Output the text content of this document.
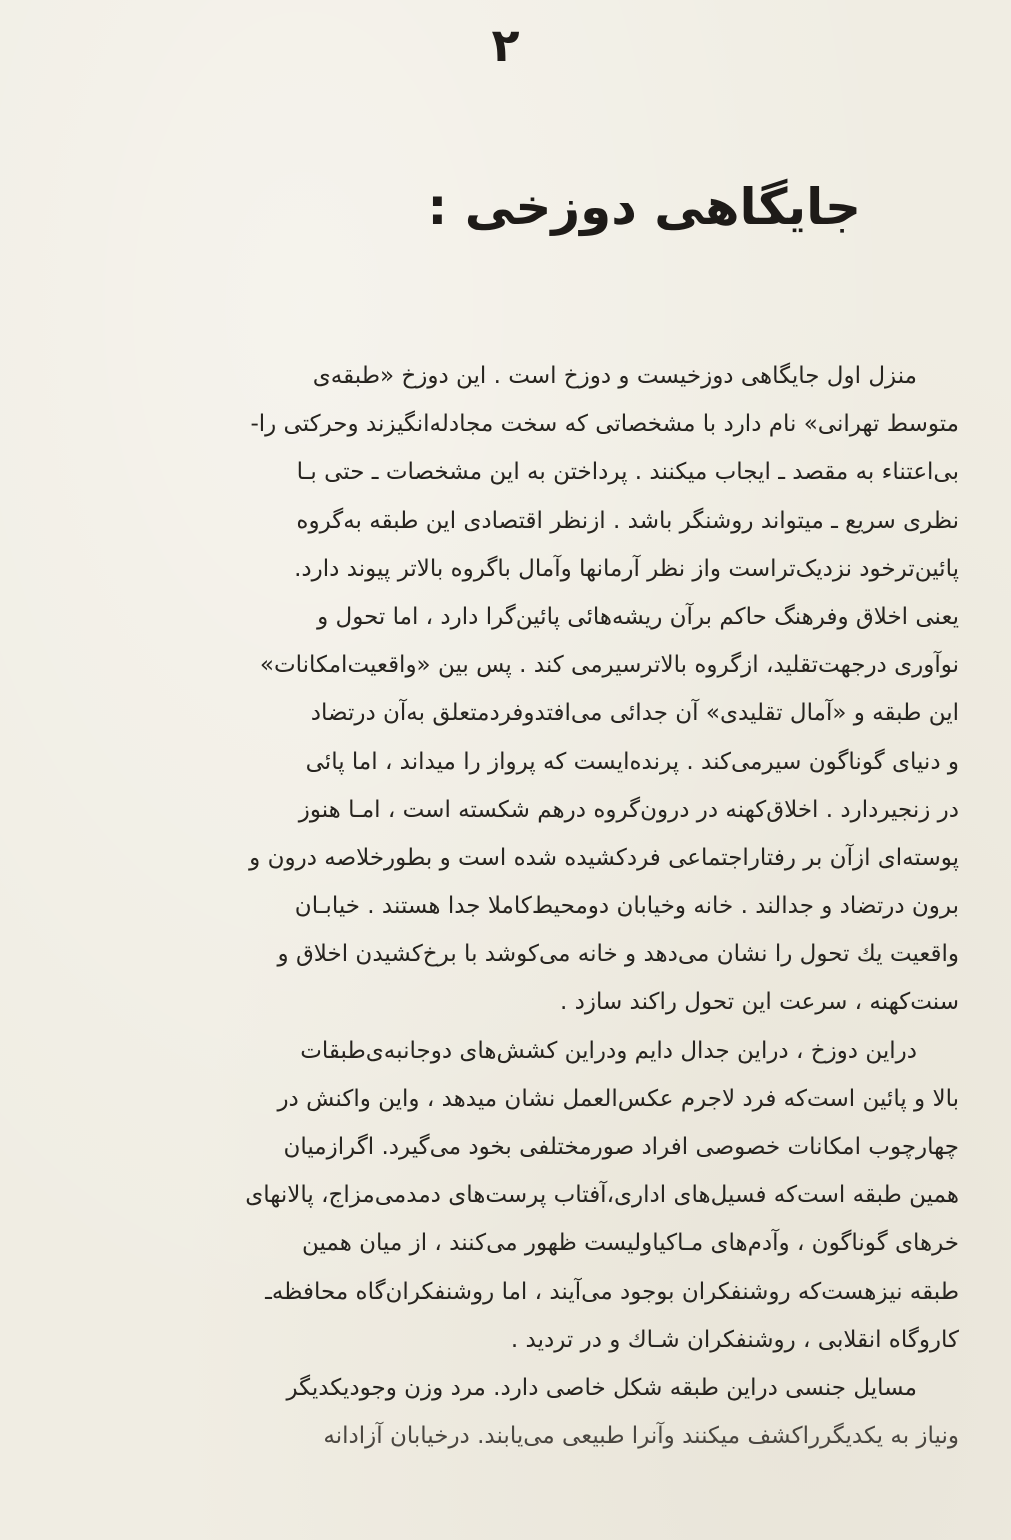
۲
جایگاهی دوزخی :
منزل اول جایگاهی دوزخیست و دوزخ است . این دوزخ «طبقه‌ی
متوسط تهرانی» نام دارد با مشخصاتی که سخت مجادله‌انگیزند وحرکتی را-
بی‌اعتناء به مقصد ـ ایجاب میکنند . پرداختن به این مشخصات ـ حتی بـا
نظری سریع ـ میتواند روشنگر باشد . ازنظر اقتصادی این طبقه به‌گروه
پائین‌ترخود نزدیک‌تراست واز نظر آرمانها وآمال باگروه بالاتر پیوند دارد.
یعنی اخلاق وفرهنگ حاکم برآن ریشه‌هائی پائین‌گرا دارد ، اما تحول و
نوآوری درجهت‌تقلید، ازگروه بالاترسیرمی کند . پس بین «واقعیت‌امکانات»
این طبقه و «آمال تقلیدی» آن جدائی می‌افتدوفردمتعلق به‌آن درتضاد
و دنیای گوناگون سیرمی‌کند . پرنده‌ایست که پرواز را میداند ، اما پائی
در زنجیردارد . اخلاق‌کهنه در درون‌گروه درهم شکسته است ، امـا هنوز
پوسته‌ای ازآن بر رفتاراجتماعی فردکشیده شده است و بطورخلاصه درون و
برون درتضاد و جدالند . خانه وخیابان دومحیط‌کاملا جدا هستند . خیابـان
واقعیت یك تحول را نشان می‌دهد و خانه می‌کوشد با برخ‌کشیدن اخلاق و
سنت‌کهنه ، سرعت این تحول راکند سازد .
دراین دوزخ ، دراین جدال دایم ودراین کشش‌های دوجانبه‌ی‌طبقات
بالا و پائین است‌که فرد لاجرم عکس‌العمل نشان میدهد ، واین واکنش در
چهارچوب امکانات خصوصی افراد صورمختلفی بخود می‌گیرد. اگرازمیان
همین طبقه است‌که فسیل‌های اداری،آفتاب پرست‌های دمدمی‌مزاج، پالانهای
خرهای گوناگون ، وآدم‌های مـاکیاولیست ظهور می‌کنند ، از میان همین
طبقه نیزهست‌که روشنفکران بوجود می‌آیند ، اما روشنفکران‌گاه محافظه‌ـ
کاروگاه انقلابی ، روشنفکران شـاك و در تردید .
مسایل جنسی دراین طبقه شکل خاصی دارد. مرد وزن وجودیکدیگر
ونیاز به یکدیگرراکشف میکنند وآنرا طبیعی می‌یابند. درخیابان آزادانه
